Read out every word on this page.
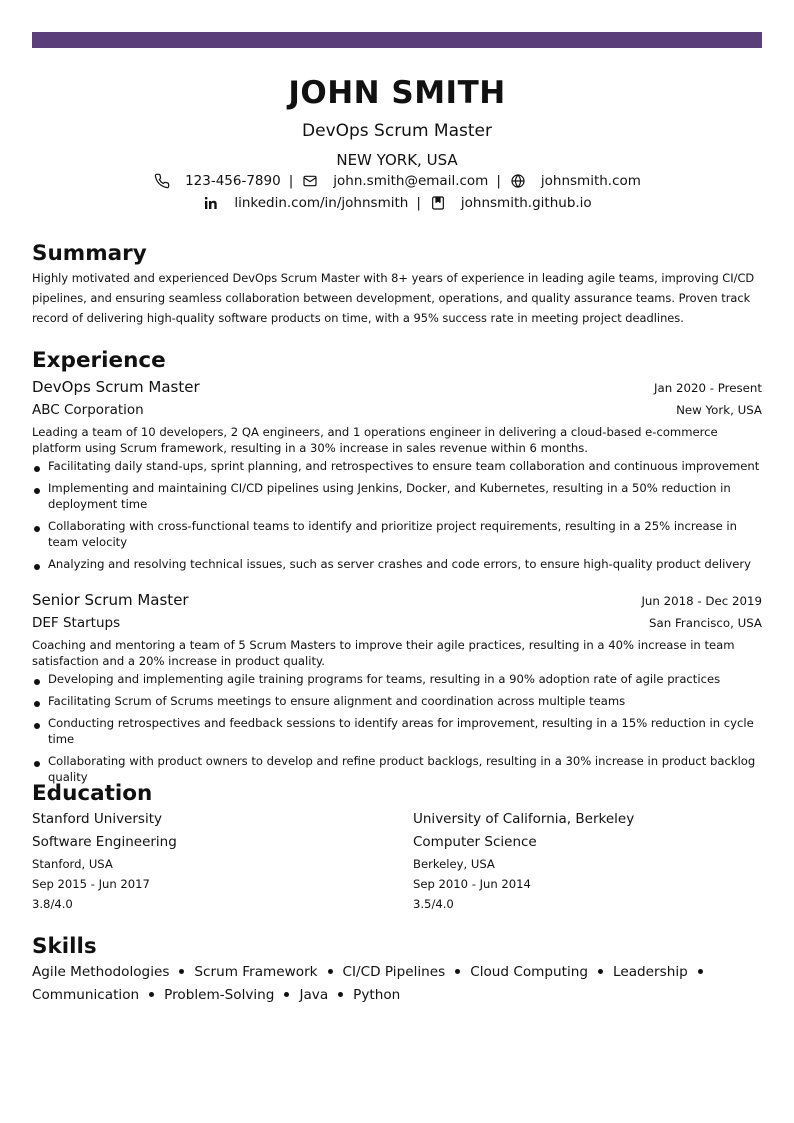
JOHN SMITH
DevOps Scrum Master
NEW YORK, USA
123-456-7890 |	john.smith@email.com |	johnsmith.com
linkedin.com/in/johnsmith |	johnsmith.github.io
Summary
Highly motivated and experienced DevOps Scrum Master with 8+ years of experience in leading agile teams, improving CI/CD pipelines, and ensuring seamless collaboration between development, operations, and quality assurance teams. Proven track record of delivering high-quality software products on time, with a 95% success rate in meeting project deadlines.
Experience
DevOps Scrum Master	Jan 2020 - Present
ABC Corporation	New York, USA
Leading a team of 10 developers, 2 QA engineers, and 1 operations engineer in delivering a cloud-based e-commerce platform using Scrum framework, resulting in a 30% increase in sales revenue within 6 months.
Facilitating daily stand-ups, sprint planning, and retrospectives to ensure team collaboration and continuous improvement
Implementing and maintaining CI/CD pipelines using Jenkins, Docker, and Kubernetes, resulting in a 50% reduction in deployment time
Collaborating with cross-functional teams to identify and prioritize project requirements, resulting in a 25% increase in team velocity
Analyzing and resolving technical issues, such as server crashes and code errors, to ensure high-quality product delivery
Senior Scrum Master	Jun 2018 - Dec 2019
DEF Startups	San Francisco, USA
Coaching and mentoring a team of 5 Scrum Masters to improve their agile practices, resulting in a 40% increase in team satisfaction and a 20% increase in product quality.
Developing and implementing agile training programs for teams, resulting in a 90% adoption rate of agile practices
Facilitating Scrum of Scrums meetings to ensure alignment and coordination across multiple teams
Conducting retrospectives and feedback sessions to identify areas for improvement, resulting in a 15% reduction in cycle time
Collaborating with product owners to develop and refine product backlogs, resulting in a 30% increase in product backlog quality
Education
Stanford University
Software Engineering
Stanford, USA
Sep 2015 - Jun 2017
3.8/4.0
University of California, Berkeley
Computer Science
Berkeley, USA
Sep 2010 - Jun 2014
3.5/4.0
Skills
Agile Methodologies Scrum Framework CI/CD Pipelines Cloud Computing Leadership
Communication Problem-Solving Java Python
